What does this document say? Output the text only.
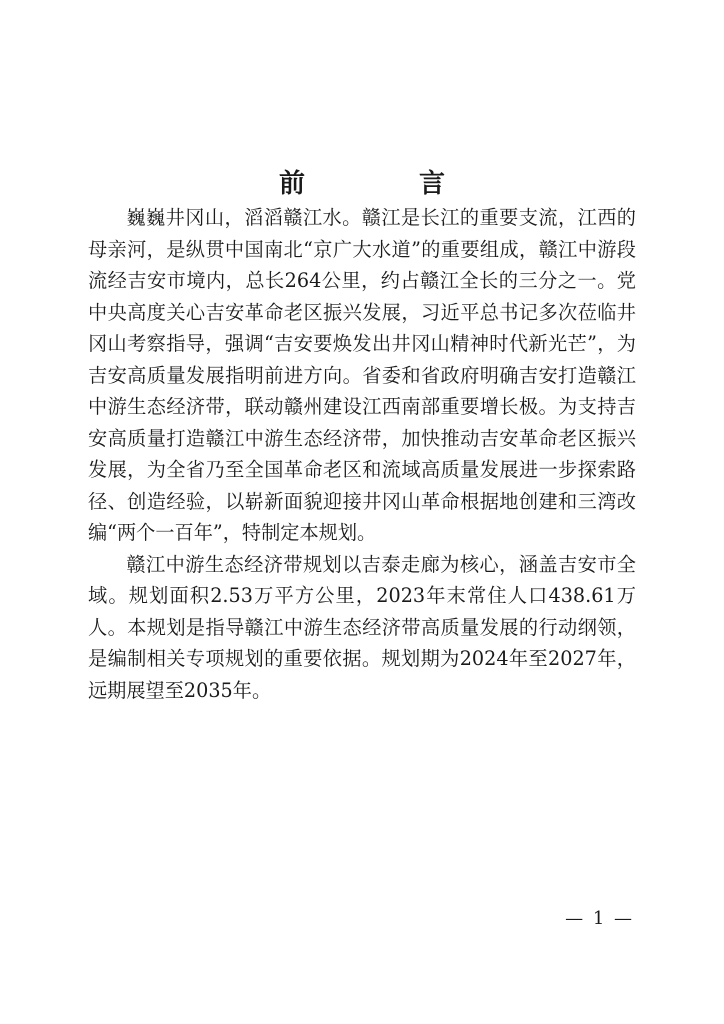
前　言

巍巍井冈山，滔滔赣江水。赣江是长江的重要支流，江西的母亲河，是纵贯中国南北“京广大水道”的重要组成，赣江中游段流经吉安市境内，总长264公里，约占赣江全长的三分之一。党中央高度关心吉安革命老区振兴发展，习近平总书记多次莅临井冈山考察指导，强调“吉安要焕发出井冈山精神时代新光芒”，为吉安高质量发展指明前进方向。省委和省政府明确吉安打造赣江中游生态经济带，联动赣州建设江西南部重要增长极。为支持吉安高质量打造赣江中游生态经济带，加快推动吉安革命老区振兴发展，为全省乃至全国革命老区和流域高质量发展进一步探索路径、创造经验，以崭新面貌迎接井冈山革命根据地创建和三湾改编“两个一百年”，特制定本规划。

赣江中游生态经济带规划以吉泰走廊为核心，涵盖吉安市全域。规划面积2.53万平方公里，2023年末常住人口438.61万人。本规划是指导赣江中游生态经济带高质量发展的行动纲领，是编制相关专项规划的重要依据。规划期为2024年至2027年，远期展望至2035年。

— 1 —
